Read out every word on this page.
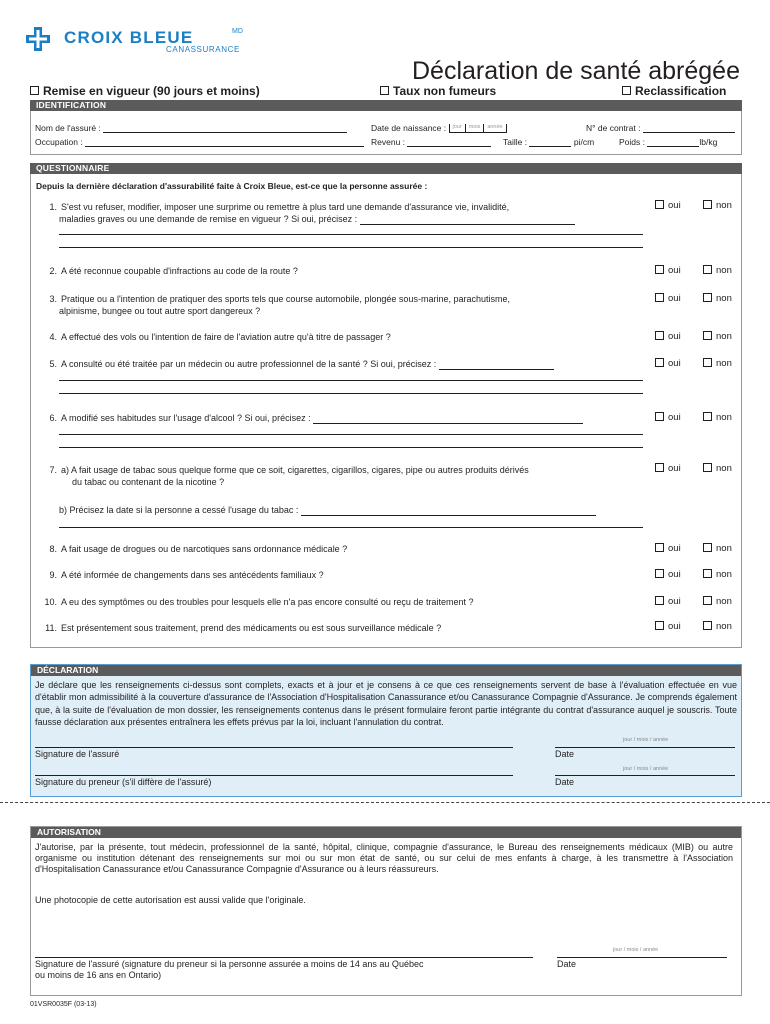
CROIX BLEUE	MD
CANASSURANCE
Déclaration de santé abrégée
Remise en vigueur (90 jours et moins)	Taux non fumeurs	Reclassification
IDENTIFICATION
Nom de l'assuré :
Occupation :
Date de naissance : jour mois année	N° de contrat :
Revenu :	Taille :	pi/cm	Poids :	lb/kg
QUESTIONNAIRE
Depuis la dernière déclaration d'assurabilité faite à Croix Bleue, est-ce que la personne assurée :
1. S'est vu refuser, modifier, imposer une surprime ou remettre à plus tard une demande d'assurance vie, invalidité,
maladies graves ou une demande de remise en vigueur ? Si oui, précisez :
oui	non
2. A été reconnue coupable d'infractions au code de la route ?	oui	non
3. Pratique ou a l'intention de pratiquer des sports tels que course automobile, plongée sous-marine, parachutisme,
alpinisme, bungee ou tout autre sport dangereux ?
oui	non
4. A effectué des vols ou l'intention de faire de l'aviation autre qu'à titre de passager ?	oui	non
5. A consulté ou été traitée par un médecin ou autre professionnel de la santé ? Si oui, précisez :	oui	non
6. A modifié ses habitudes sur l'usage d'alcool ? Si oui, précisez :	oui	non
7. a) A fait usage de tabac sous quelque forme que ce soit, cigarettes, cigarillos, cigares, pipe ou autres produits dérivés
du tabac ou contenant de la nicotine ?
oui	non
b) Précisez la date si la personne a cessé l'usage du tabac :
8. A fait usage de drogues ou de narcotiques sans ordonnance médicale ?	oui	non
9. A été informée de changements dans ses antécédents familiaux ?	oui	non
10. A eu des symptômes ou des troubles pour lesquels elle n'a pas encore consulté ou reçu de traitement ?	oui	non
11. Est présentement sous traitement, prend des médicaments ou est sous surveillance médicale ?	oui	non
DÉCLARATION
Je déclare que les renseignements ci-dessus sont complets, exacts et à jour et je consens à ce que ces renseignements servent de base à l'évaluation effectuée en vue d'établir mon admissibilité à la couverture d'assurance de l'Association d'Hospitalisation Canassurance et/ou Canassurance Compagnie d'Assurance. Je comprends également que, à la suite de l'évaluation de mon dossier, les renseignements contenus dans le présent formulaire feront partie intégrante du contrat d'assurance auquel je souscris. Toute fausse déclaration aux présentes entraînera les effets prévus par la loi, incluant l'annulation du contrat.
Signature de l'assuré
jour / mois / année
Date
Signature du preneur (s'il diffère de l'assuré)
jour / mois / année
Date
AUTORISATION
J'autorise, par la présente, tout médecin, professionnel de la santé, hôpital, clinique, compagnie d'assurance, le Bureau des renseignements médicaux (MIB) ou autre organisme ou institution détenant des renseignements sur moi ou sur mon état de santé, ou sur celui de mes enfants à charge, à les transmettre à l'Association d'Hospitalisation Canassurance et/ou Canassurance Compagnie d'Assurance ou à leurs réassureurs.
Une photocopie de cette autorisation est aussi valide que l'originale.
Signature de l'assuré (signature du preneur si la personne assurée a moins de 14 ans au Québec
ou moins de 16 ans en Ontario)
jour / mois / année
Date
01VSR0035F (03-13)
